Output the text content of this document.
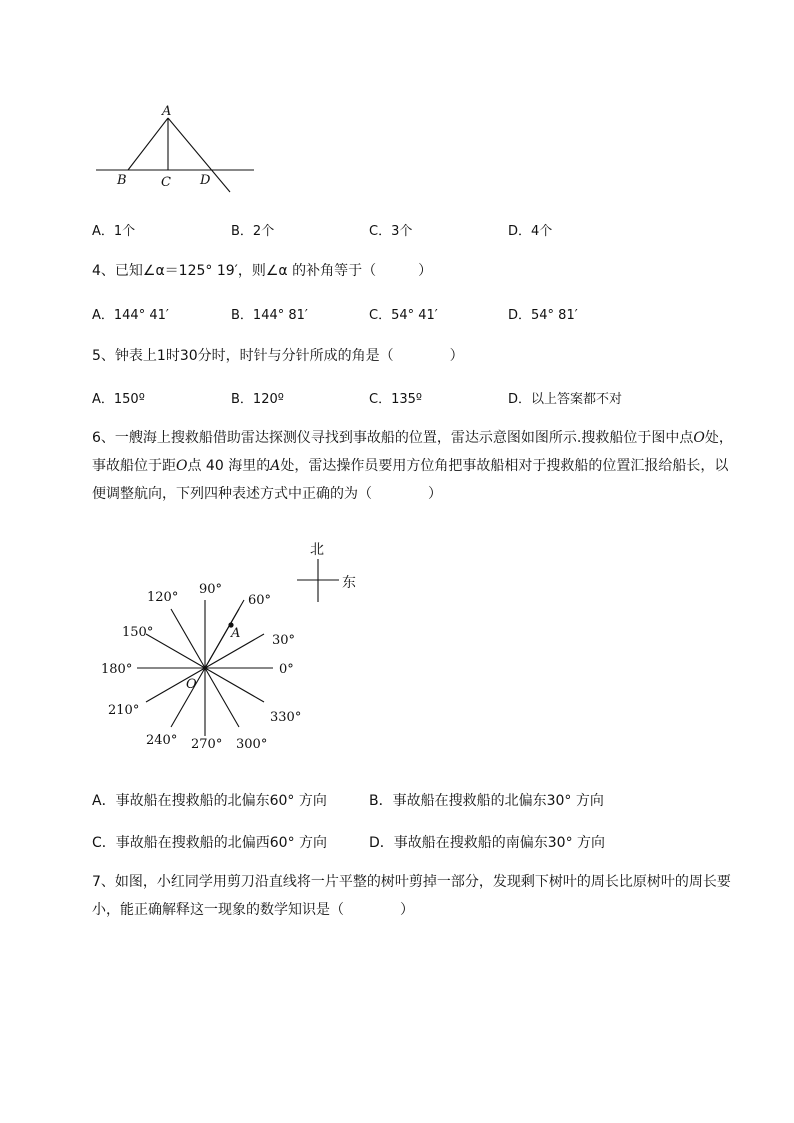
A
B	C D
A．1个	B．2个	C．3个	D．4个
4、已知∠α＝125° 19′，则∠α 的补角等于（　　　）
A．144° 41′	B．144° 81′	C．54° 41′	D．54° 81′
5、钟表上1时30分时，时针与分针所成的角是（　　　　）
A．150º	B．120º	C．135º	D．以上答案都不对
6、一艘海上搜救船借助雷达探测仪寻找到事故船的位置，雷达示意图如图所示.搜救船位于图中点O处，事故船位于距O点 40 海里的A处，雷达操作员要用方位角把事故船相对于搜救船的位置汇报给船长，以便调整航向，下列四种表述方式中正确的为（　　　　）
北
东
A
O
0°
30°
60°
90°
120°
150°
180°
210°
240° 270° 300°
330°
A．事故船在搜救船的北偏东60° 方向	B．事故船在搜救船的北偏东30° 方向
C．事故船在搜救船的北偏西60° 方向	D．事故船在搜救船的南偏东30° 方向
7、如图，小红同学用剪刀沿直线将一片平整的树叶剪掉一部分，发现剩下树叶的周长比原树叶的周长要小，能正确解释这一现象的数学知识是（　　　　）
